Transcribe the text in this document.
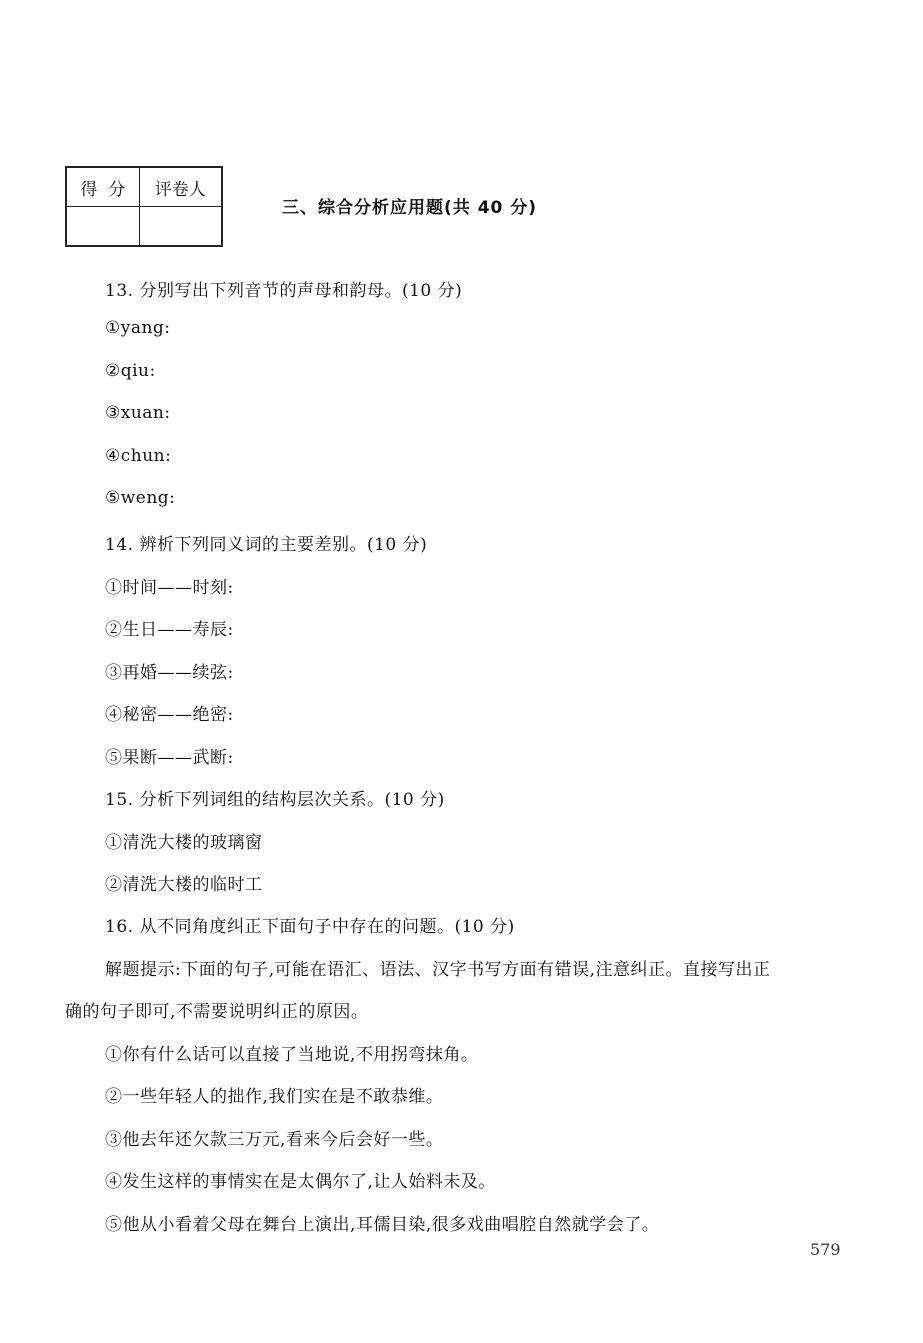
得  分	评卷人

三、综合分析应用题(共 40 分)
13. 分别写出下列音节的声母和韵母。(10 分)
①yang:
②qiu:
③xuan:
④chun:
⑤weng:
14. 辨析下列同义词的主要差别。(10 分)
①时间——时刻:
②生日——寿辰:
③再婚——续弦:
④秘密——绝密:
⑤果断——武断:
15. 分析下列词组的结构层次关系。(10 分)
①清洗大楼的玻璃窗
②清洗大楼的临时工
16. 从不同角度纠正下面句子中存在的问题。(10 分)
解题提示:下面的句子,可能在语汇、语法、汉字书写方面有错误,注意纠正。直接写出正
确的句子即可,不需要说明纠正的原因。
①你有什么话可以直接了当地说,不用拐弯抹角。
②一些年轻人的拙作,我们实在是不敢恭维。
③他去年还欠款三万元,看来今后会好一些。
④发生这样的事情实在是太偶尔了,让人始料未及。
⑤他从小看着父母在舞台上演出,耳儒目染,很多戏曲唱腔自然就学会了。
579
